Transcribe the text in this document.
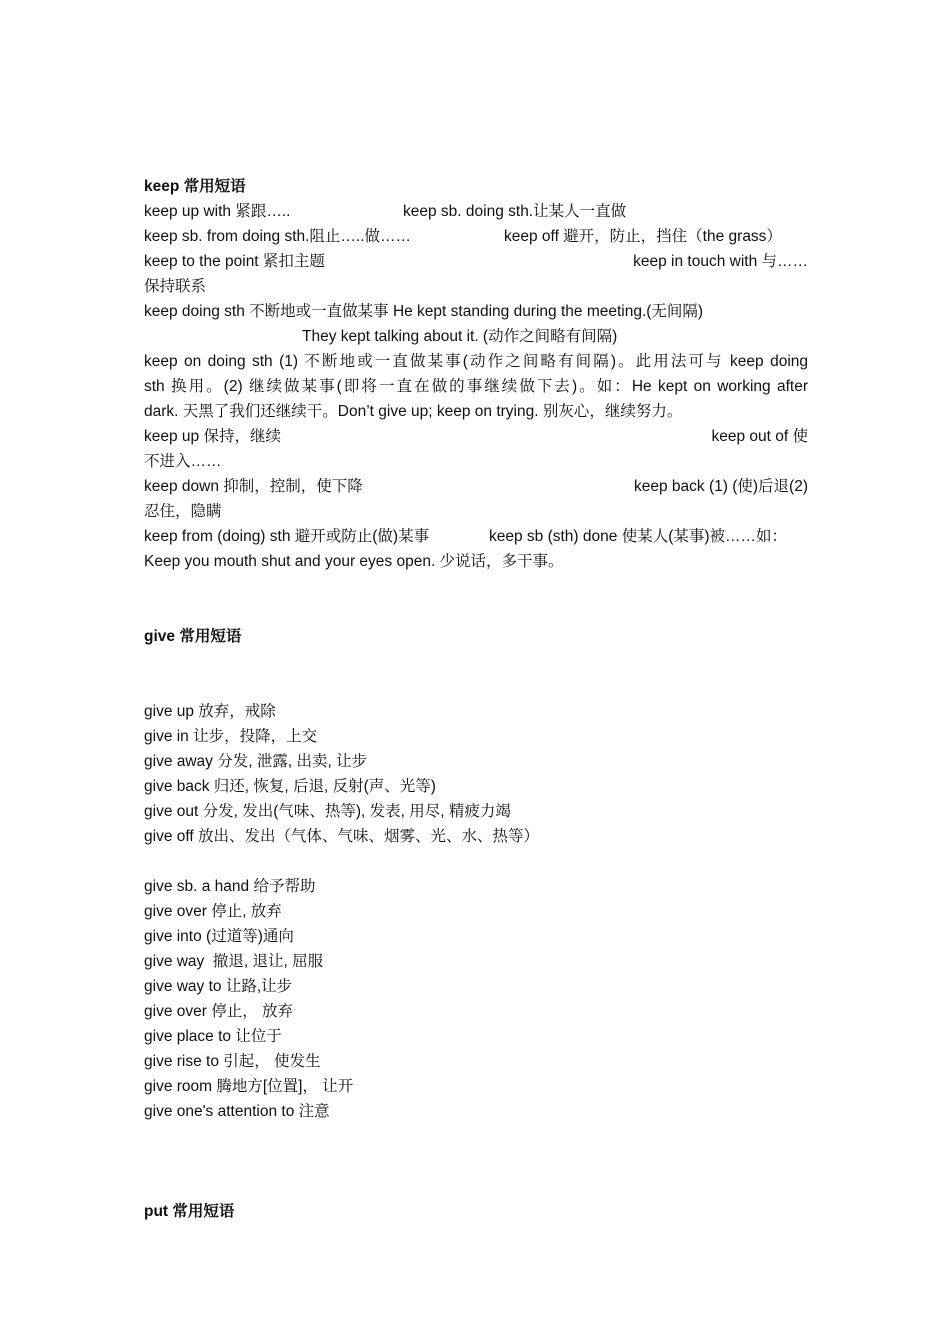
keep 常用短语
keep up with 紧跟…..	keep sb. doing sth.让某人一直做
keep sb. from doing sth.阻止…..做……	keep off 避开，防止，挡住（the grass）
keep to the point 紧扣主题	keep in touch with 与……
保持联系
keep doing sth 不断地或一直做某事 He kept standing during the meeting.(无间隔)
They kept talking about it. (动作之间略有间隔)
keep on doing sth (1) 不断地或一直做某事(动作之间略有间隔)。此用法可与 keep doing
sth 换用。(2) 继续做某事(即将一直在做的事继续做下去)。如：He kept on working after
dark. 天黑了我们还继续干。Don’t give up; keep on trying. 别灰心，继续努力。
keep up 保持，继续	keep out of 使
不进入……
keep down 抑制，控制，使下降	keep back (1) (使)后退(2)
忍住，隐瞒
keep from (doing) sth 避开或防止(做)某事	keep sb (sth) done 使某人(某事)被……如：
Keep you mouth shut and your eyes open. 少说话，多干事。
give 常用短语
give up 放弃，戒除
give in 让步，投降，上交
give away 分发, 泄露, 出卖, 让步
give back 归还, 恢复, 后退, 反射(声、光等)
give out 分发, 发出(气味、热等), 发表, 用尽, 精疲力竭
give off 放出、发出（气体、气味、烟雾、光、水、热等）
give sb. a hand 给予帮助
give over 停止, 放弃
give into (过道等)通向
give way  撤退, 退让, 屈服
give way to 让路,让步
give over 停止， 放弃
give place to 让位于
give rise to 引起， 使发生
give room 腾地方[位置]， 让开
give one's attention to 注意
put 常用短语
